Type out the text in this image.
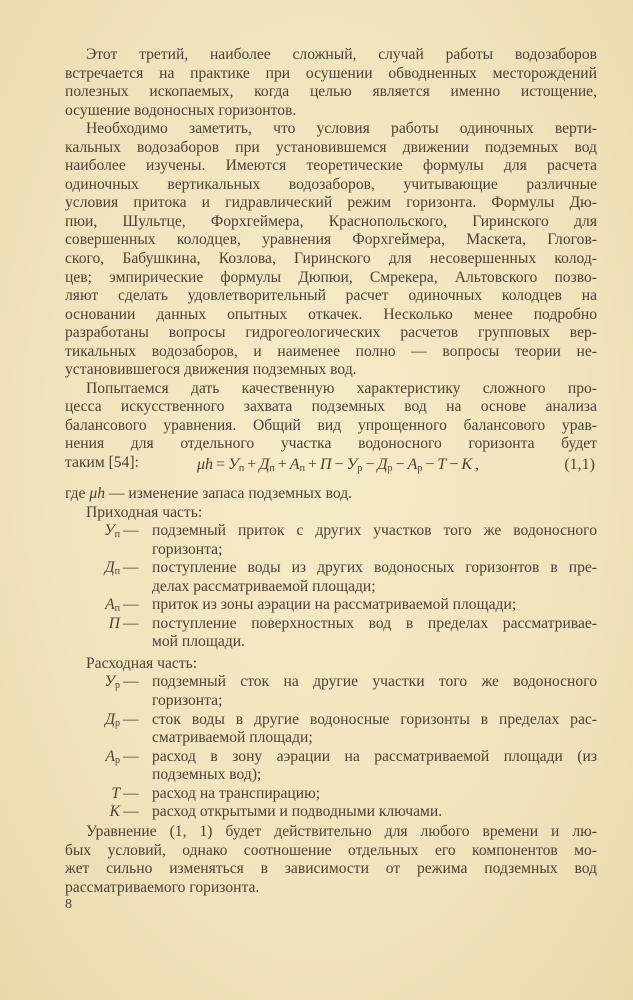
Этот третий, наиболее сложный, случай работы водозаборов
встречается на практике при осушении обводненных месторождений
полезных ископаемых, когда целью является именно истощение,
осушение водоносных горизонтов.
Необходимо заметить, что условия работы одиночных верти-
кальных водозаборов при установившемся движении подземных вод
наиболее изучены. Имеются теоретические формулы для расчета
одиночных вертикальных водозаборов, учитывающие различные
условия притока и гидравлический режим горизонта. Формулы Дю-
пюи, Шультце, Форхгеймера, Краснопольского, Гиринского для
совершенных колодцев, уравнения Форхгеймера, Маскета, Глогов-
ского, Бабушкина, Козлова, Гиринского для несовершенных колод-
цев; эмпирические формулы Дюпюи, Смрекера, Альтовского позво-
ляют сделать удовлетворительный расчет одиночных колодцев на
основании данных опытных откачек. Несколько менее подробно
разработаны вопросы гидрогеологических расчетов групповых вер-
тикальных водозаборов, и наименее полно — вопросы теории не-
установившегося движения подземных вод.
Попытаемся дать качественную характеристику сложного про-
цесса искусственного захвата подземных вод на основе анализа
балансового уравнения. Общий вид упрощенного балансового урав-
нения для отдельного участка водоносного горизонта будет
таким [54]:	$\mu h = У_п + Д_п + А_п + П - У_р - Д_р - А_р - Т - К$ ,	(1,1)
где μh — изменение запаса подземных вод.
Приходная часть:
$У_п$ — подземный приток с других участков того же водоносного
горизонта;
$Д_п$ — поступление воды из других водоносных горизонтов в пре-
делах рассматриваемой площади;
$А_п$ — приток из зоны аэрации на рассматриваемой площади;
П — поступление поверхностных вод в пределах рассматривае-
мой площади.
Расходная часть:
$У_р$ — подземный сток на другие участки того же водоносного
горизонта;
$Д_р$ — сток воды в другие водоносные горизонты в пределах рас-
сматриваемой площади;
$А_р$ — расход в зону аэрации на рассматриваемой площади (из
подземных вод);
Т — расход на транспирацию;
К — расход открытыми и подводными ключами.
Уравнение (1, 1) будет действительно для любого времени и лю-
бых условий, однако соотношение отдельных его компонентов мо-
жет сильно изменяться в зависимости от режима подземных вод
рассматриваемого горизонта.
8
